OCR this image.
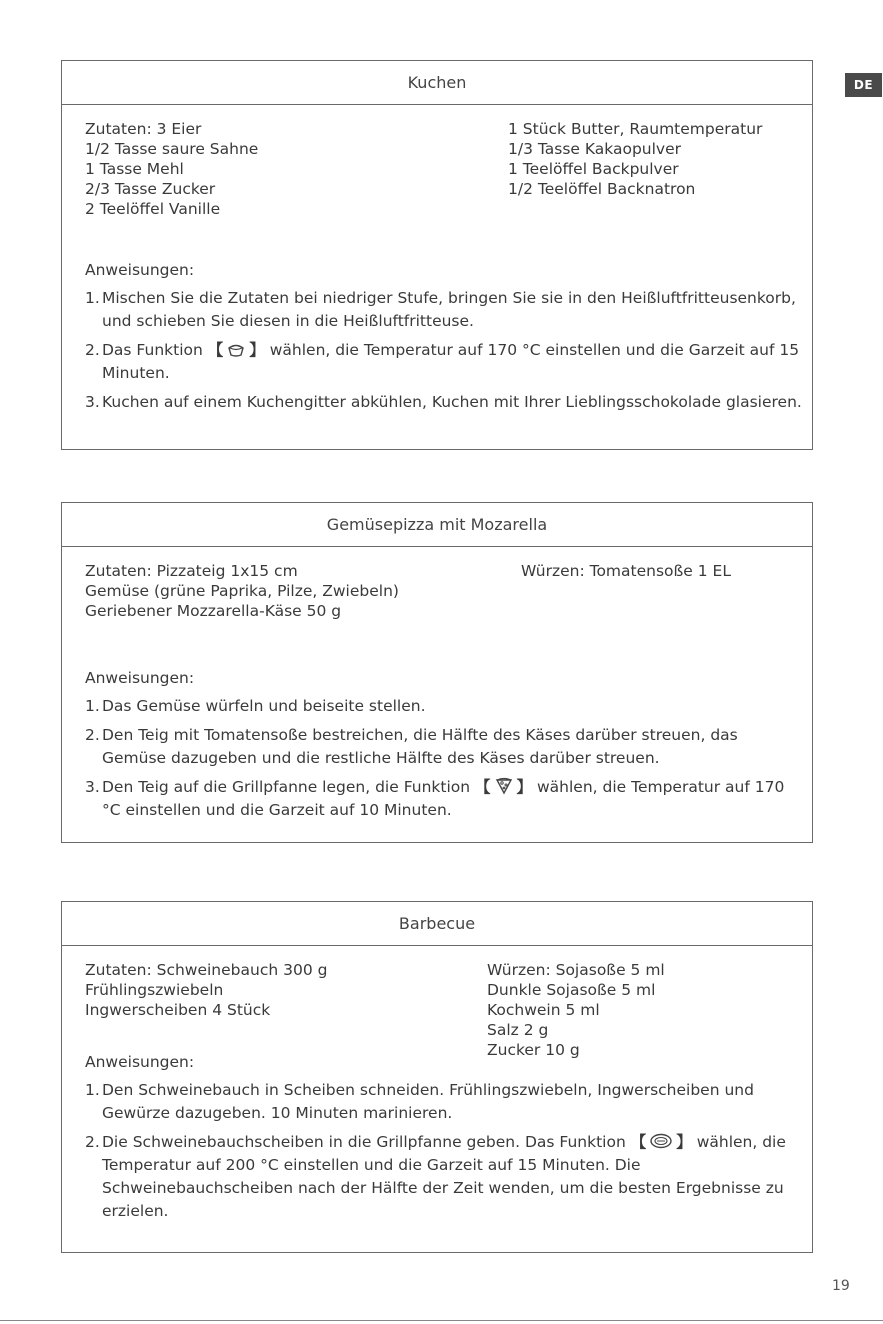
DE
Kuchen
Zutaten: 3 Eier
1/2 Tasse saure Sahne
1 Tasse Mehl
2/3 Tasse Zucker
2 Teelöffel Vanille
1 Stück Butter, Raumtemperatur
1/3 Tasse Kakaopulver
1 Teelöffel Backpulver
1/2 Teelöffel Backnatron
Anweisungen:
1. Mischen Sie die Zutaten bei niedriger Stufe, bringen Sie sie in den Heißluftfritteusenkorb, und schieben Sie diesen in die Heißluftfritteuse.
2. Das Funktion 【 】 wählen, die Temperatur auf 170 °C einstellen und die Garzeit auf 15 Minuten.
3. Kuchen auf einem Kuchengitter abkühlen, Kuchen mit Ihrer Lieblingsschokolade glasieren.
Gemüsepizza mit Mozarella
Zutaten: Pizzateig 1x15 cm
Gemüse (grüne Paprika, Pilze, Zwiebeln)
Geriebener Mozzarella-Käse 50 g
Würzen: Tomatensoße 1 EL
Anweisungen:
1. Das Gemüse würfeln und beiseite stellen.
2. Den Teig mit Tomatensoße bestreichen, die Hälfte des Käses darüber streuen, das Gemüse dazugeben und die restliche Hälfte des Käses darüber streuen.
3. Den Teig auf die Grillpfanne legen, die Funktion 【 】 wählen, die Temperatur auf 170 °C einstellen und die Garzeit auf 10 Minuten.
Barbecue
Zutaten: Schweinebauch 300 g
Frühlingszwiebeln
Ingwerscheiben 4 Stück
Würzen: Sojasoße 5 ml
Dunkle Sojasoße 5 ml
Kochwein 5 ml
Salz 2 g
Zucker 10 g
Anweisungen:
1. Den Schweinebauch in Scheiben schneiden. Frühlingszwiebeln, Ingwerscheiben und Gewürze dazugeben. 10 Minuten marinieren.
2. Die Schweinebauchscheiben in die Grillpfanne geben. Das Funktion 【 】 wählen, die Temperatur auf 200 °C einstellen und die Garzeit auf 15 Minuten. Die Schweinebauchscheiben nach der Hälfte der Zeit wenden, um die besten Ergebnisse zu erzielen.
19
